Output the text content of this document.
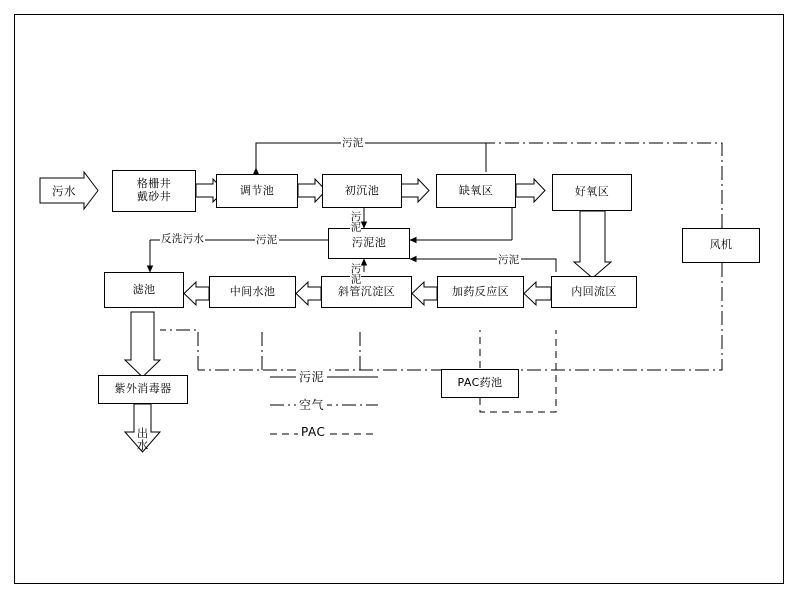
格栅井
戴砂井	调节池	初沉池	缺氧区	好氧区
风机
污泥池
滤池	中间水池	斜管沉淀区	加药反应区	内回流区
紫外消毒器	PAC药池
污水
出水
污泥
反洗污水	污泥
污泥
污泥
污泥
污泥
空气
PAC
